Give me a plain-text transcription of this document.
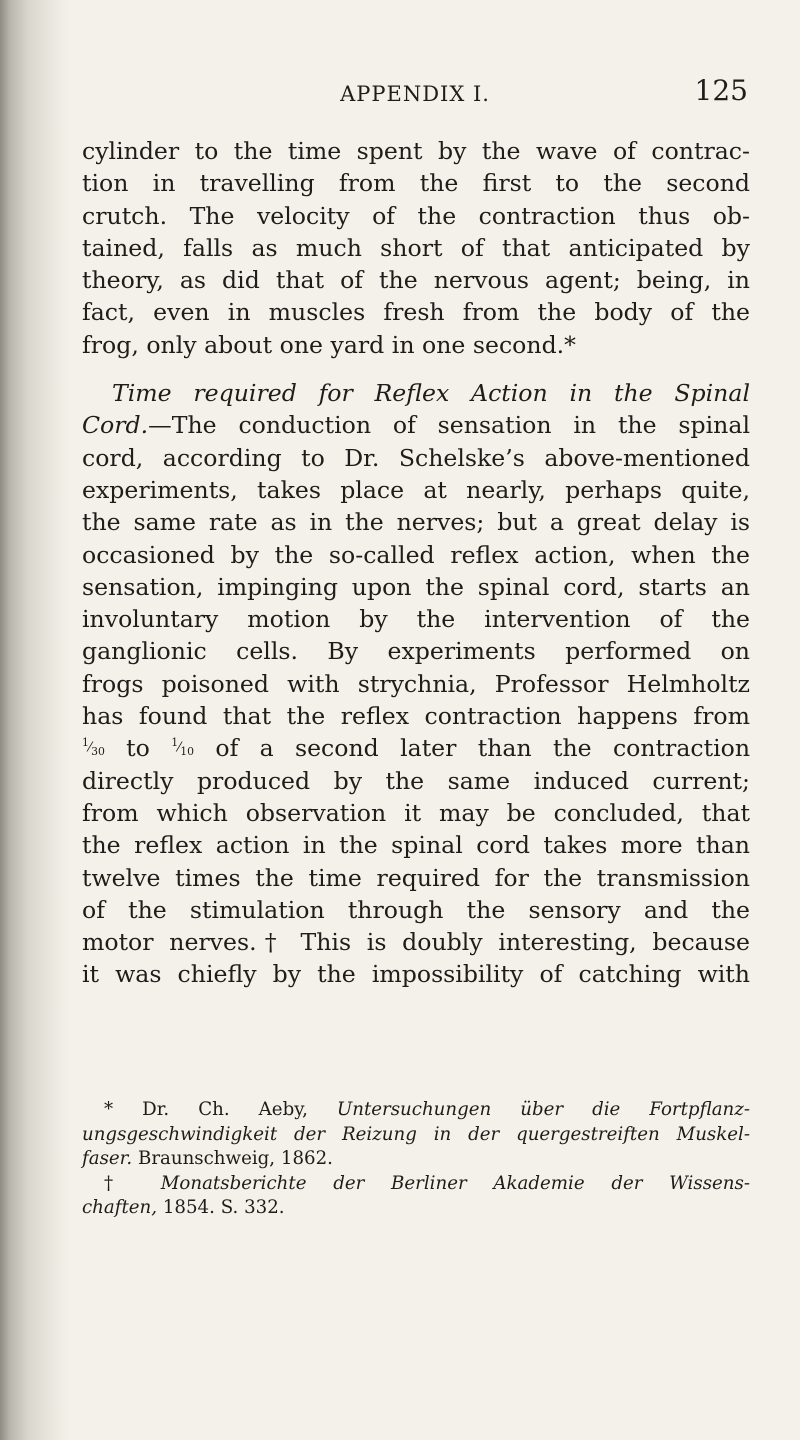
APPENDIX I.	125
cylinder to the time spent by the wave of contrac-
tion in travelling from the first to the second
crutch. The velocity of the contraction thus ob-
tained, falls as much short of that anticipated by
theory, as did that of the nervous agent; being, in
fact, even in muscles fresh from the body of the
frog, only about one yard in one second.*
Time required for Reflex Action in the Spinal
Cord.—The conduction of sensation in the spinal
cord, according to Dr. Schelske’s above-mentioned
experiments, takes place at nearly, perhaps quite,
the same rate as in the nerves; but a great delay is
occasioned by the so-called reflex action, when the
sensation, impinging upon the spinal cord, starts an
involuntary motion by the intervention of the
ganglionic cells. By experiments performed on
frogs poisoned with strychnia, Professor Helmholtz
has found that the reflex contraction happens from
$^1⁄_{30}$ to $^1⁄_{10}$ of a second later than the contraction
directly produced by the same induced current;
from which observation it may be concluded, that
the reflex action in the spinal cord takes more than
twelve times the time required for the transmission
of the stimulation through the sensory and the
motor nerves.† This is doubly interesting, because
it was chiefly by the impossibility of catching with
* Dr. Ch. Aeby, Untersuchungen über die Fortpflanz-
ungsgeschwindigkeit der Reizung in der quergestreiften Muskel-
faser. Braunschweig, 1862.
† Monatsberichte der Berliner Akademie der Wissens-
chaften, 1854. S. 332.
